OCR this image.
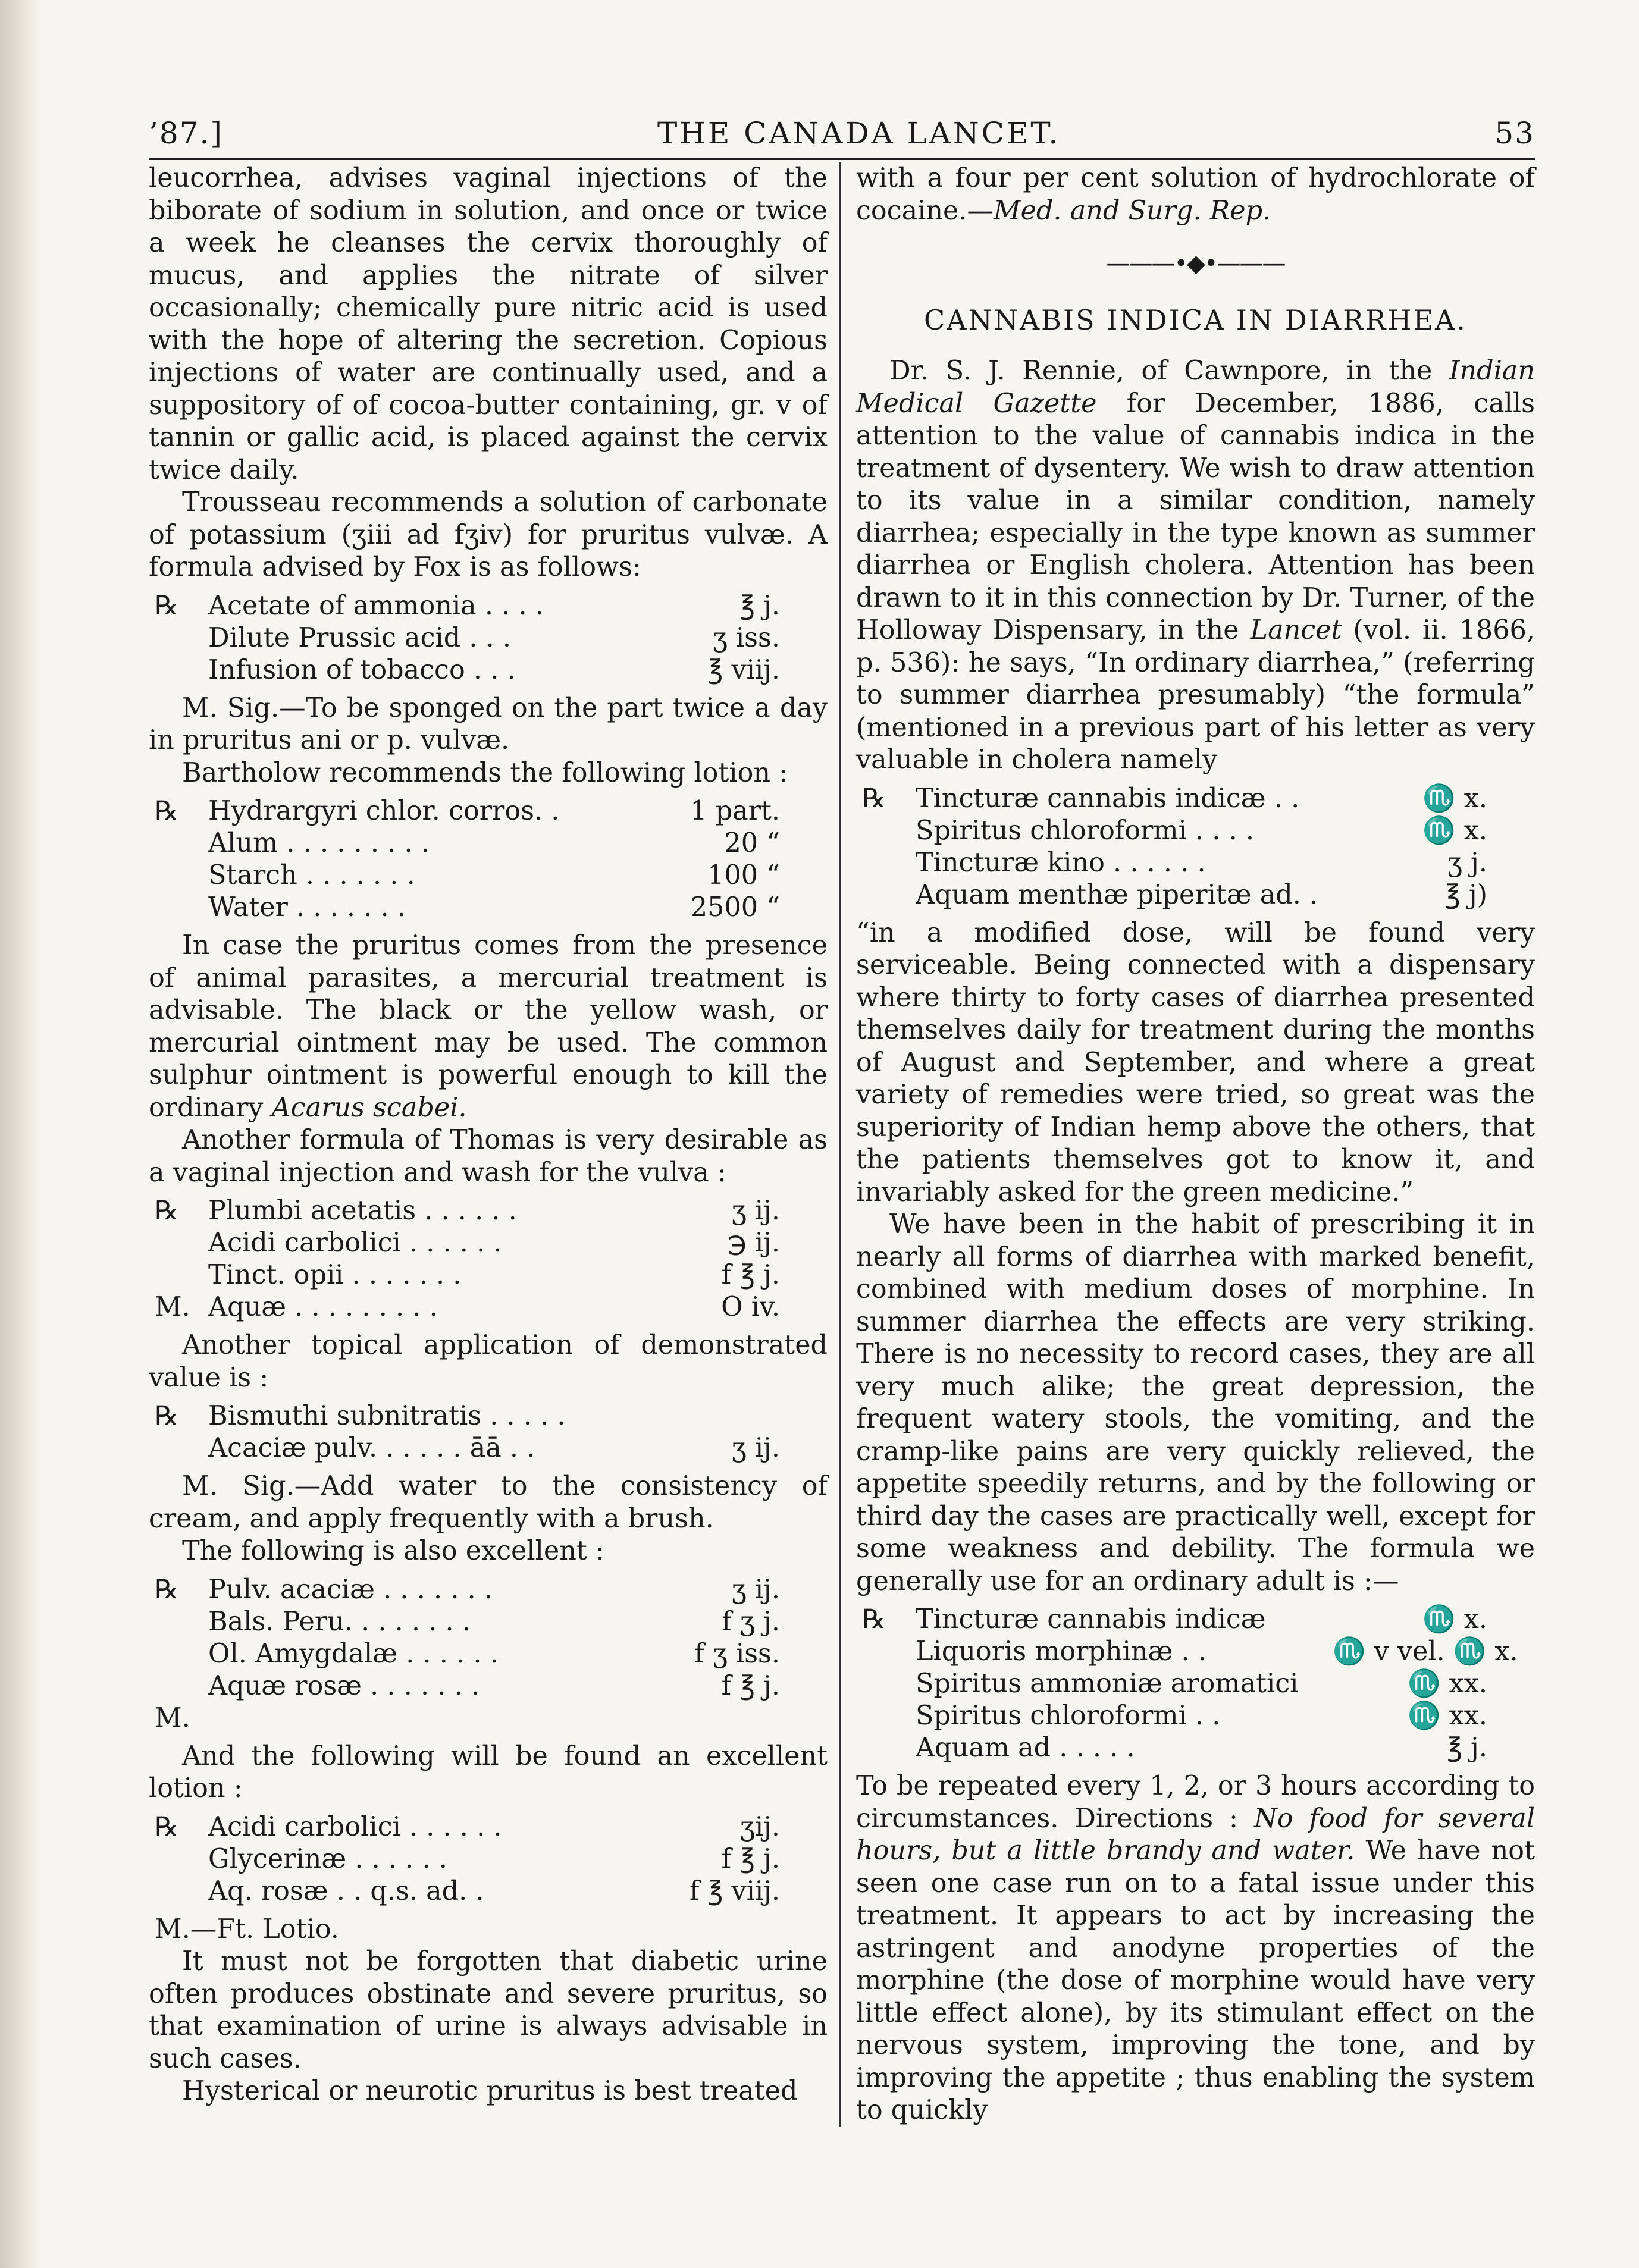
’87.]	THE CANADA LANCET.	53

leucorrhea, advises vaginal injections of the biborate of sodium in solution, and once or twice a week he cleanses the cervix thoroughly of mucus, and applies the nitrate of silver occasionally; chemically pure nitric acid is used with the hope of altering the secretion. Copious injections of water are continually used, and a suppository of of cocoa-butter containing, gr. v of tannin or gallic acid, is placed against the cervix twice daily.

Trousseau recommends a solution of carbonate of potassium (ʒiii ad fʒiv) for pruritus vulvæ. A formula advised by Fox is as follows:

℞	Acetate of ammonia . . . .	℥ j.
Dilute Prussic acid . . .	ʒ iss.
Infusion of tobacco . . .	℥ viij.

M. Sig.—To be sponged on the part twice a day in pruritus ani or p. vulvæ.

Bartholow recommends the following lotion :

℞	Hydrargyri chlor. corros. .	1 part.
Alum . . . . . . . . .	20 “
Starch . . . . . . .	100 “
Water . . . . . . .	2500 “

In case the pruritus comes from the presence of animal parasites, a mercurial treatment is advisable. The black or the yellow wash, or mercurial ointment may be used. The common sulphur ointment is powerful enough to kill the ordinary Acarus scabei.

Another formula of Thomas is very desirable as a vaginal injection and wash for the vulva :

℞	Plumbi acetatis . . . . . .	ʒ ij.
Acidi carbolici . . . . . .	℈ ij.
Tinct. opii . . . . . . .	f ℥ j.
M. Aquæ . . . . . . . . .	O iv.

Another topical application of demonstrated value is :

℞	Bismuthi subnitratis . . . . .
Acaciæ pulv. . . . . . āā . .	ʒ ij.

M. Sig.—Add water to the consistency of cream, and apply frequently with a brush.

The following is also excellent :

℞	Pulv. acaciæ . . . . . . .	ʒ ij.
Bals. Peru. . . . . . . .	f ʒ j.
Ol. Amygdalæ . . . . . .	f ʒ iss.
Aquæ rosæ . . . . . . .	f ℥ j.
M.

And the following will be found an excellent lotion :

℞	Acidi carbolici . . . . . .	ʒij.
Glycerinæ . . . . . .	f ℥ j.
Aq. rosæ . . q.s. ad. .	f ℥ viij.

M.—Ft. Lotio.

It must not be forgotten that diabetic urine often produces obstinate and severe pruritus, so that examination of urine is always advisable in such cases.

Hysterical or neurotic pruritus is best treated

with a four per cent solution of hydrochlorate of cocaine.—Med. and Surg. Rep.

———•◆•———
CANNABIS INDICA IN DIARRHEA.

Dr. S. J. Rennie, of Cawnpore, in the Indian Medical Gazette for December, 1886, calls attention to the value of cannabis indica in the treatment of dysentery. We wish to draw attention to its value in a similar condition, namely diarrhea; especially in the type known as summer diarrhea or English cholera. Attention has been drawn to it in this connection by Dr. Turner, of the Holloway Dispensary, in the Lancet (vol. ii. 1866, p. 536): he says, “In ordinary diarrhea,” (referring to summer diarrhea presumably) “the formula” (mentioned in a previous part of his letter as very valuable in cholera namely

℞	Tincturæ cannabis indicæ . .	♏ x.
Spiritus chloroformi . . . .	♏ x.
Tincturæ kino . . . . . .	ʒ j.
Aquam menthæ piperitæ ad. .	℥ j)

“in a modified dose, will be found very serviceable. Being connected with a dispensary where thirty to forty cases of diarrhea presented themselves daily for treatment during the months of August and September, and where a great variety of remedies were tried, so great was the superiority of Indian hemp above the others, that the patients themselves got to know it, and invariably asked for the green medicine.”

We have been in the habit of prescribing it in nearly all forms of diarrhea with marked benefit, combined with medium doses of morphine. In summer diarrhea the effects are very striking. There is no necessity to record cases, they are all very much alike; the great depression, the frequent watery stools, the vomiting, and the cramp-like pains are very quickly relieved, the appetite speedily returns, and by the following or third day the cases are practically well, except for some weakness and debility. The formula we generally use for an ordinary adult is :—

℞	Tincturæ cannabis indicæ	♏ x.
Liquoris morphinæ . .	♏ v vel. ♏ x.
Spiritus ammoniæ aromatici	♏ xx.
Spiritus chloroformi . .	♏ xx.
Aquam ad . . . . .	℥ j.

To be repeated every 1, 2, or 3 hours according to circumstances. Directions : No food for several hours, but a little brandy and water. We have not seen one case run on to a fatal issue under this treatment. It appears to act by increasing the astringent and anodyne properties of the morphine (the dose of morphine would have very little effect alone), by its stimulant effect on the nervous system, improving the tone, and by improving the appetite ; thus enabling the system to quickly
